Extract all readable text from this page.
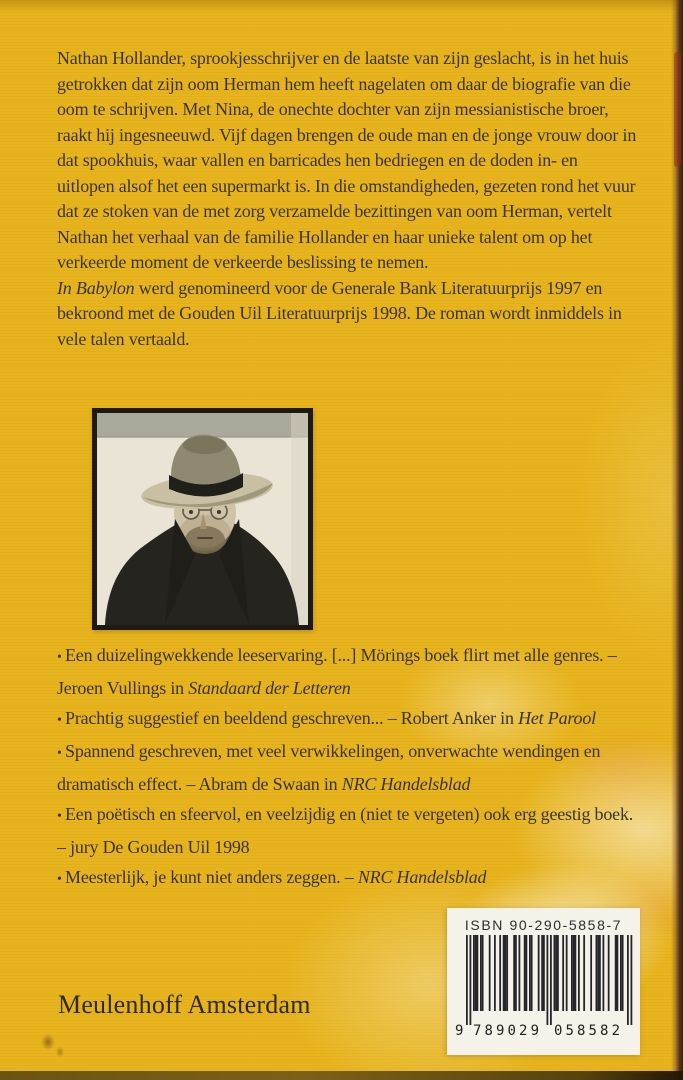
Nathan Hollander, sprookjesschrijver en de laatste van zijn geslacht, is in het huis getrokken dat zijn oom Herman hem heeft nagelaten om daar de biografie van die oom te schrijven. Met Nina, de onechte dochter van zijn messianistische broer, raakt hij ingesneeuwd. Vijf dagen brengen de oude man en de jonge vrouw door in dat spookhuis, waar vallen en barricades hen bedriegen en de doden in- en uitlopen alsof het een supermarkt is. In die omstandigheden, gezeten rond het vuur dat ze stoken van de met zorg verzamelde bezittingen van oom Herman, vertelt Nathan het verhaal van de familie Hollander en haar unieke talent om op het verkeerde moment de verkeerde beslissing te nemen.

In Babylon werd genomineerd voor de Generale Bank Literatuurprijs 1997 en bekroond met de Gouden Uil Literatuurprijs 1998. De roman wordt inmiddels in vele talen vertaald.

• Een duizelingwekkende leeservaring. [...] Mörings boek flirt met alle genres. – Jeroen Vullings in Standaard der Letteren
• Prachtig suggestief en beeldend geschreven... – Robert Anker in Het Parool
• Spannend geschreven, met veel verwikkelingen, onverwachte wendingen en dramatisch effect. – Abram de Swaan in NRC Handelsblad
• Een poëtisch en sfeervol, en veelzijdig en (niet te vergeten) ook erg geestig boek. – jury De Gouden Uil 1998
• Meesterlijk, je kunt niet anders zeggen. – NRC Handelsblad
ISBN 90-290-5858-7
9 789029 058582
Meulenhoff Amsterdam
